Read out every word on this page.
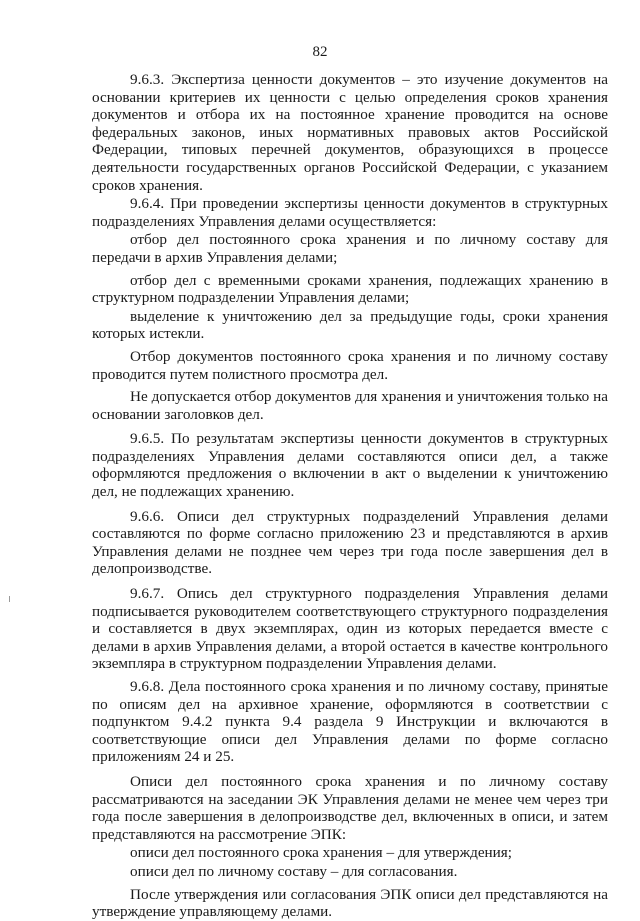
82

9.6.3. Экспертиза ценности документов – это изучение документов на основании критериев их ценности с целью определения сроков хранения документов и отбора их на постоянное хранение проводится на основе федеральных законов, иных нормативных правовых актов Российской Федерации, типовых перечней документов, образующихся в процессе деятельности государственных органов Российской Федерации, с указанием сроков хранения.

9.6.4. При проведении экспертизы ценности документов в структурных подразделениях Управления делами осуществляется:

отбор дел постоянного срока хранения и по личному составу для передачи в архив Управления делами;

отбор дел с временными сроками хранения, подлежащих хранению в структурном подразделении Управления делами;

выделение к уничтожению дел за предыдущие годы, сроки хранения которых истекли.

Отбор документов постоянного срока хранения и по личному составу проводится путем полистного просмотра дел.

Не допускается отбор документов для хранения и уничтожения только на основании заголовков дел.

9.6.5. По результатам экспертизы ценности документов в структурных подразделениях Управления делами составляются описи дел, а также оформляются предложения о включении в акт о выделении к уничтожению дел, не подлежащих хранению.

9.6.6. Описи дел структурных подразделений Управления делами составляются по форме согласно приложению 23 и представляются в архив Управления делами не позднее чем через три года после завершения дел в делопроизводстве.

9.6.7. Опись дел структурного подразделения Управления делами подписывается руководителем соответствующего структурного подразделения и составляется в двух экземплярах, один из которых передается вместе с делами в архив Управления делами, а второй остается в качестве контрольного экземпляра в структурном подразделении Управления делами.

9.6.8. Дела постоянного срока хранения и по личному составу, принятые по описям дел на архивное хранение, оформляются в соответствии с подпунктом 9.4.2 пункта 9.4 раздела 9 Инструкции и включаются в соответствующие описи дел Управления делами по форме согласно приложениям 24 и 25.

Описи дел постоянного срока хранения и по личному составу рассматриваются на заседании ЭК Управления делами не менее чем через три года после завершения в делопроизводстве дел, включенных в описи, и затем представляются на рассмотрение ЭПК:

описи дел постоянного срока хранения – для утверждения;

описи дел по личному составу – для согласования.

После утверждения или согласования ЭПК описи дел представляются на утверждение управляющему делами.
